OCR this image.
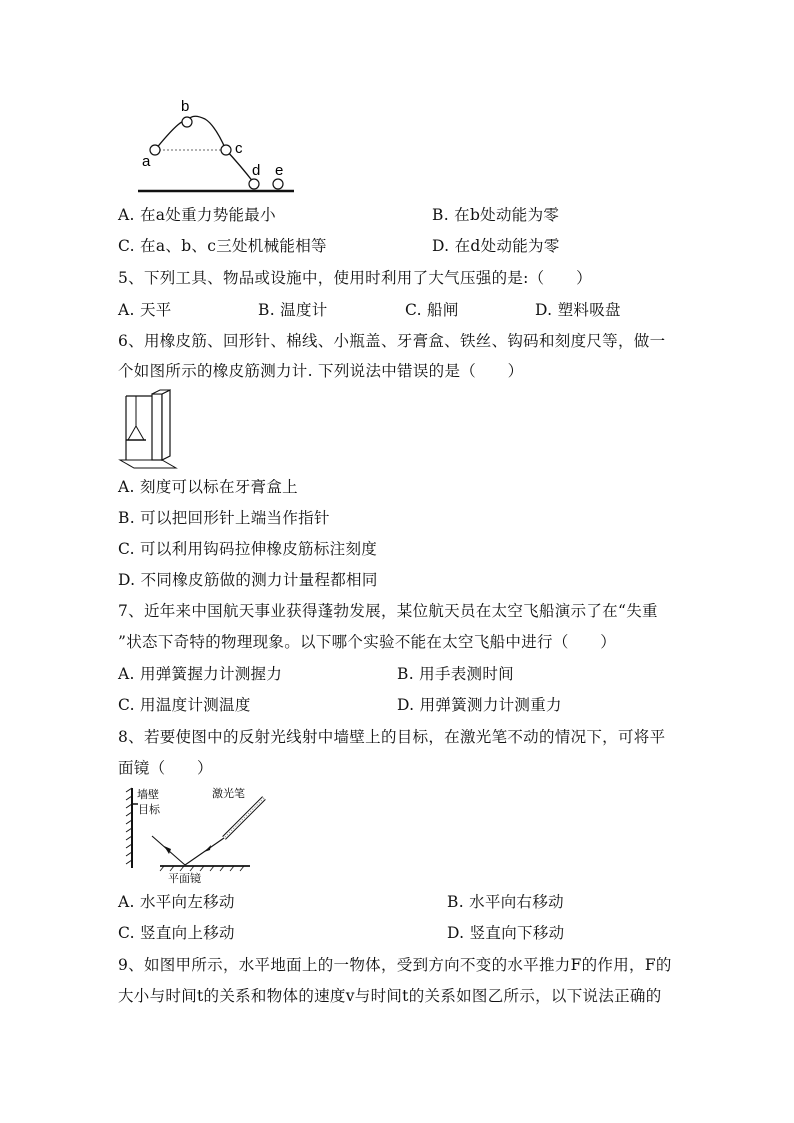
a
b
c
d e
A. 在a处重力势能最小	B. 在b处动能为零
C. 在a、b、c三处机械能相等	D. 在d处动能为零
5、下列工具、物品或设施中，使用时利用了大气压强的是:（　　）
A. 天平	B. 温度计	C. 船闸	D. 塑料吸盘
6、用橡皮筋、回形针、棉线、小瓶盖、牙膏盒、铁丝、钩码和刻度尺等，做一
个如图所示的橡皮筋测力计. 下列说法中错误的是（　　）
A. 刻度可以标在牙膏盒上
B. 可以把回形针上端当作指针
C. 可以利用钩码拉伸橡皮筋标注刻度
D. 不同橡皮筋做的测力计量程都相同
7、近年来中国航天事业获得蓬勃发展，某位航天员在太空飞船演示了在“失重
”状态下奇特的物理现象。以下哪个实验不能在太空飞船中进行（　　）
A. 用弹簧握力计测握力	B. 用手表测时间
C. 用温度计测温度	D. 用弹簧测力计测重力
8、若要使图中的反射光线射中墙壁上的目标，在激光笔不动的情况下，可将平
面镜（　　）
墙壁
目标
激光笔
平面镜
A. 水平向左移动	B. 水平向右移动
C. 竖直向上移动	D. 竖直向下移动
9、如图甲所示，水平地面上的一物体，受到方向不变的水平推力F的作用，F的
大小与时间t的关系和物体的速度v与时间t的关系如图乙所示，以下说法正确的
